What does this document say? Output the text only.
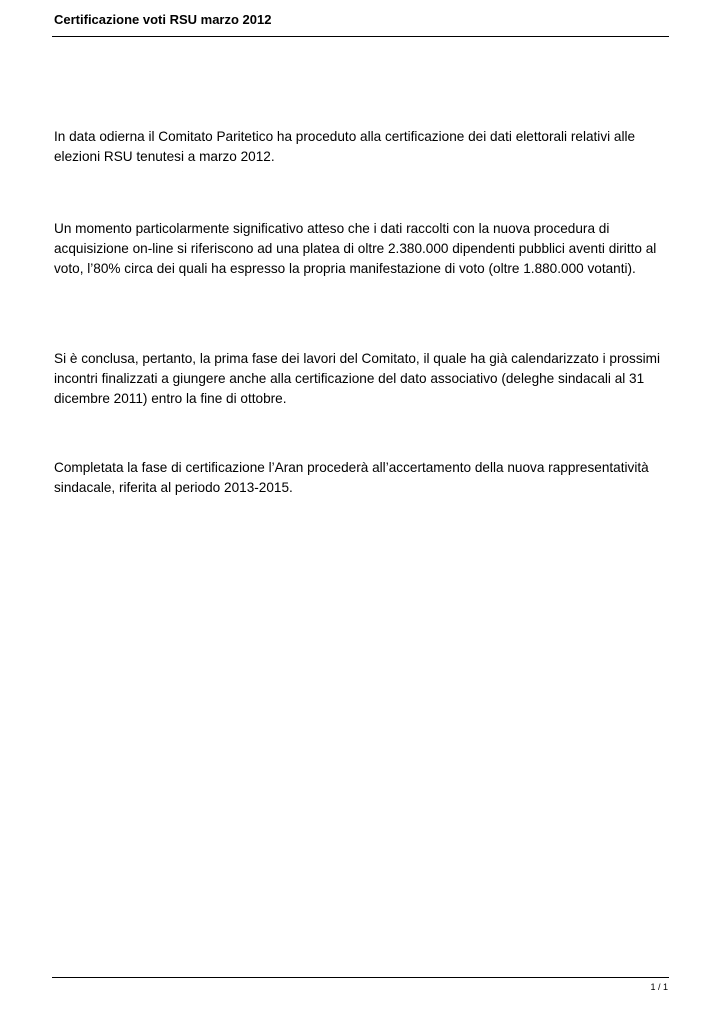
Certificazione voti RSU marzo 2012

In data odierna il Comitato Paritetico ha proceduto alla certificazione dei dati elettorali relativi alle elezioni RSU tenutesi a marzo 2012.

Un momento particolarmente significativo atteso che i dati raccolti con la nuova procedura di acquisizione on-line si riferiscono ad una platea di oltre 2.380.000 dipendenti pubblici aventi diritto al voto, l’80% circa dei quali ha espresso la propria manifestazione di voto (oltre 1.880.000 votanti).

Si è conclusa, pertanto, la prima fase dei lavori del Comitato, il quale ha già calendarizzato i prossimi incontri finalizzati a giungere anche alla certificazione del dato associativo (deleghe sindacali al 31 dicembre 2011) entro la fine di ottobre.

Completata la fase di certificazione l’Aran procederà all’accertamento della nuova rappresentatività sindacale, riferita al periodo 2013-2015.

1 / 1
